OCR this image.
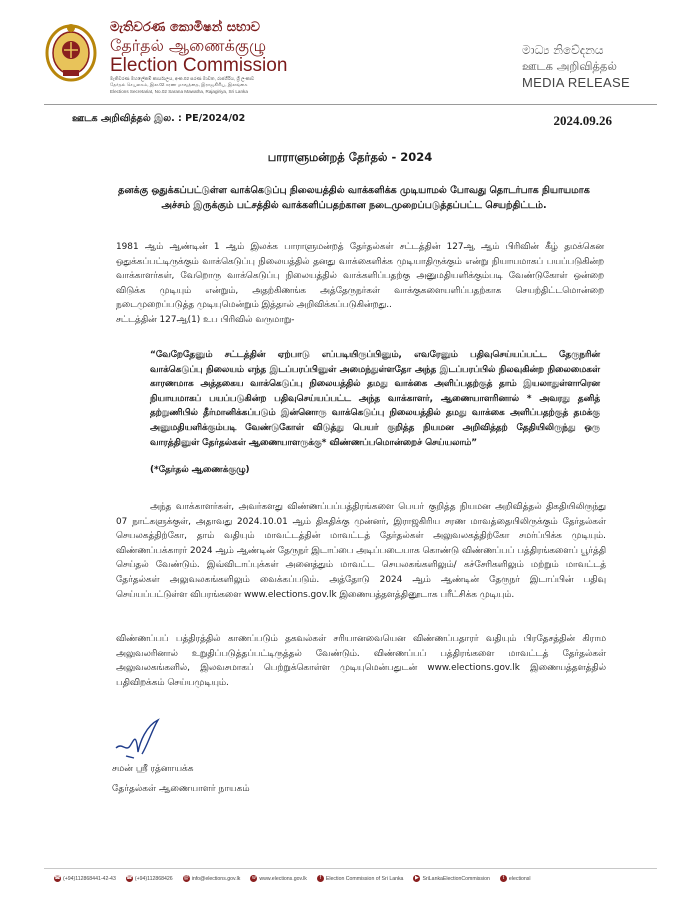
මැතිවරණ කොමිෂන් සභාව
தேர்தல் ஆணைக்குழு
Election Commission
මැතිවරණ මහලේකම් කාර්යාලය, අංක.02 සරණ මාවත, රාජගිරිය, ශ්‍රී ලංකාව
தேர்தல் செயலகம், இல.02 சரண மாவத்தை, இராஜகிரிய, இலங்கை
Elections Secretariat, No.02 Sarana Mawatha, Rajagiriya, Sri Lanka
මාධ්‍ය නිවේදනය
ஊடக அறிவித்தல்
MEDIA RELEASE
ஊடக அறிவித்தல் இல. : PE/2024/02	2024.09.26
பாராளுமன்றத் தேர்தல் - 2024
தனக்கு ஒதுக்கப்பட்டுள்ள வாக்கெடுப்பு நிலையத்தில் வாக்களிக்க முடியாமல் போவது தொடர்பாக நியாயமாக அச்சம் இருக்கும் பட்சத்தில் வாக்களிப்பதற்கான நடைமுறைப்படுத்தப்பட்ட செயற்திட்டம்.
1981 ஆம் ஆண்டின் 1 ஆம் இலக்க பாராளுமன்றத் தேர்தல்கள் சட்டத்தின் 127ஆ ஆம் பிரிவின் கீழ் தமக்கென ஒதுக்கப்பட்டிருக்கும் வாக்கெடுப்பு நிலையத்தில் தனது வாக்கைளிக்க முடியாதிருக்கும் என்று நியாயமாகப் பயப்படுகின்ற வாக்காளர்கள், வேறொரு வாக்கெடுப்பு நிலையத்தில் வாக்களிப்பதற்கு அனுமதியளிக்கும்படி வேண்டுகோள் ஒன்றை விடுக்க முடியும் என்றும், அதற்கிணங்க அத்தேருநர்கள் வாக்குகளையளிப்பதற்காக செயற்திட்டமொன்றை நடைமுறைப்படுத்த முடியுமென்றும் இத்தால் அறிவிக்கப்படுகின்றது..
சட்டத்தின் 127ஆ(1) உப பிரிவில் வருமாறு-
“வேறேதேனும் சட்டத்தின் ஏற்பாடு எப்படியிருப்பினும், எவரேனும் பதிவுசெய்யப்பட்ட தேருநரின் வாக்கெடுப்பு நிலையம் எந்த இடப்பரப்பினுள் அமைந்துள்ளதோ அந்த இடப்பரப்பில் நிலவுகின்ற நிலைமைகள் காரணமாக அத்தகைய வாக்கெடுப்பு நிலையத்தில் தமது வாக்கை அளிப்பதற்குத் தாம் இயலாதுள்ளாரென நியாயமாகப் பயப்படுகின்ற பதிவுசெய்யப்பட்ட அந்த வாக்காளர், ஆணையாளரினால் * அவரது தனித் தற்றுணிபில் தீர்மானிக்கப்படும் இன்னொரு வாக்கெடுப்பு நிலையத்தில் தமது வாக்கை அளிப்பதற்குத் தமக்கு அனுமதியளிக்கும்படி வேண்டுகோள் விடுத்து பெயர் குறித்த நியமன அறிவித்தற் தேதியிலிருந்து ஒரு வாரத்தினுள் தேர்தல்கள் ஆணையாளருக்கு* விண்ணப்பமொன்றைச் செய்யலாம்”
(*தேர்தல் ஆணைக்குழு)
அந்த வாக்காளர்கள், அவர்களது விண்ணப்பப்பத்திரங்களை பெயர் குறித்த நியமன அறிவித்தல் திகதியிலிருந்து 07 நாட்களுக்குள், அதாவது 2024.10.01 ஆம் திகதிக்கு முன்னர், இராஜகிரிய சரண மாவத்தையிலிருக்கும் தேர்தல்கள் செயலகத்திற்கோ, தாம் வதியும் மாவட்டத்தின் மாவட்டத் தேர்தல்கள் அலுவலகத்திற்கோ சமர்ப்பிக்க முடியும். விண்ணப்பக்காரர் 2024 ஆம் ஆண்டின் தேருநர் இடாப்பை அடிப்படையாக கொண்டு விண்ணப்பப் பத்திரங்களைப் பூர்த்தி செய்தல் வேண்டும். இவ்விடாப்புக்கள் அனைத்தும் மாவட்ட செயலகங்களிலும்/ கச்சேரிகளிலும் மற்றும் மாவட்டத் தேர்தல்கள் அலுவலகங்களிலும் வைக்கப்படும். அத்தோடு 2024 ஆம் ஆண்டின் தேருநர் இடாப்பின் பதிவு செய்யப்பட்டுள்ள விபரங்களை www.elections.gov.lk இணையத்தளத்தினூடாக பரீட்சிக்க முடியும்.
விண்ணப்பப் பத்திரத்தில் காணப்படும் தகவல்கள் சரியானவையென விண்ணப்பதாரர் வதியும் பிரதேசத்தின் கிராம அலுவலரினால் உறுதிப்படுத்தப்பட்டிருத்தல் வேண்டும். விண்ணப்பப் பத்திரங்களை மாவட்டத் தேர்தல்கள் அலுவலகங்களில், இலவசமாகப் பெற்றுக்கொள்ள முடியுமென்பதுடன் www.elections.gov.lk இணையத்தளத்தில் பதிவிறக்கம் செய்யமுடியும்.
சமன் ஸ்ரீ ரத்னாயக்க
தேர்தல்கள் ஆணையாளர் நாயகம்
☎ (+94)112868441-42-43 ☎ (+94)112868426 @ info@elections.gov.lk	w www.elections.gov.lk	f Election Commission of Sri Lanka	▶ SriLankaElectionCommission	t electionsl
